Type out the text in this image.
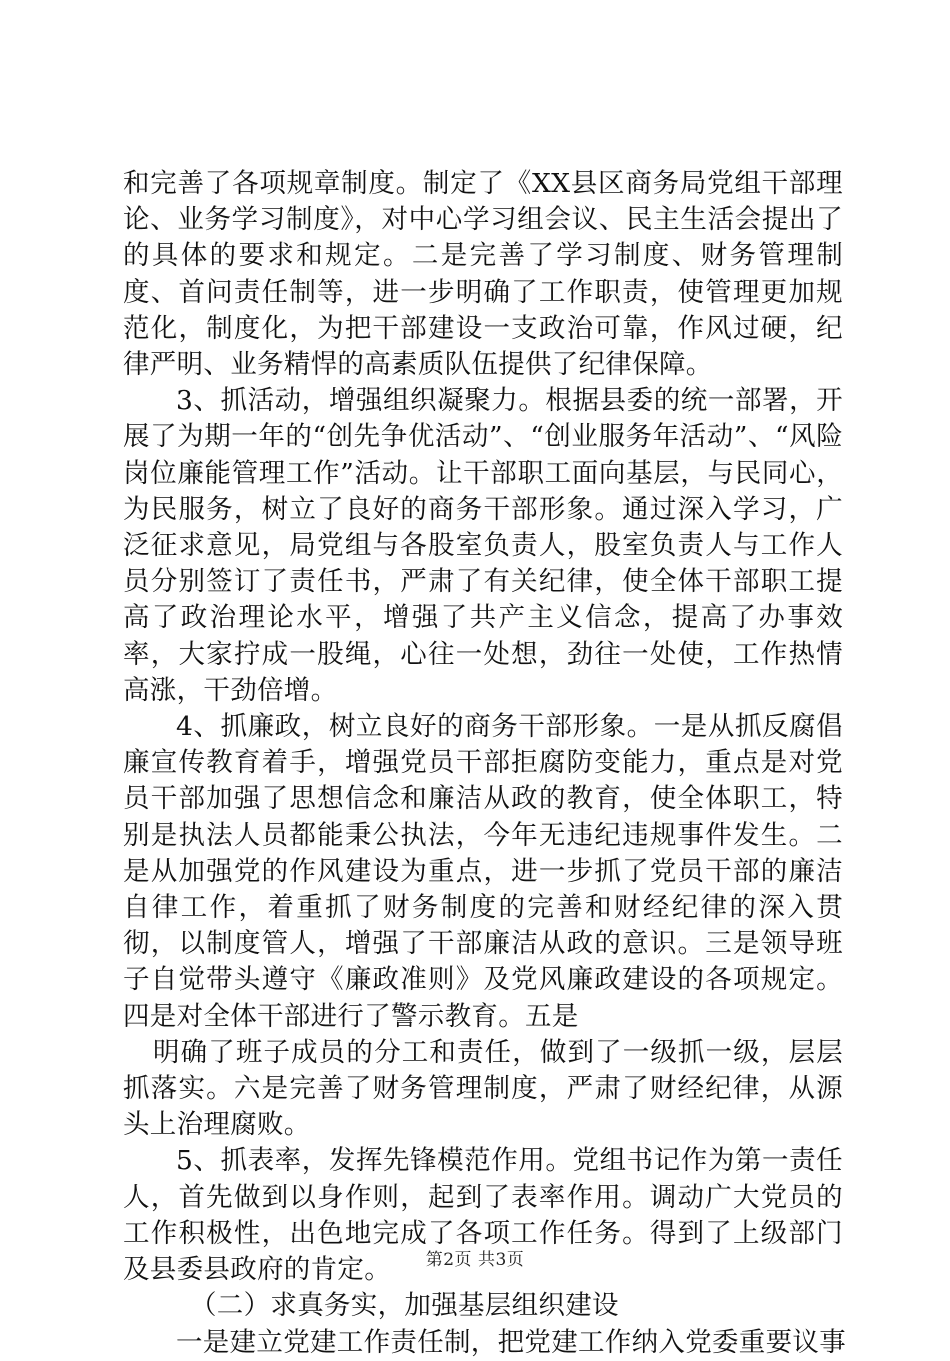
和完善了各项规章制度。制定了《XX县区商务局党组干部理论、业务学习制度》，对中心学习组会议、民主生活会提出了的具体的要求和规定。二是完善了学习制度、财务管理制度、首问责任制等，进一步明确了工作职责，使管理更加规范化，制度化，为把干部建设一支政治可靠，作风过硬，纪律严明、业务精悍的高素质队伍提供了纪律保障。

3、抓活动，增强组织凝聚力。根据县委的统一部署，开展了为期一年的“创先争优活动”、“创业服务年活动”、“风险岗位廉能管理工作”活动。让干部职工面向基层，与民同心，为民服务，树立了良好的商务干部形象。通过深入学习，广泛征求意见，局党组与各股室负责人，股室负责人与工作人员分别签订了责任书，严肃了有关纪律，使全体干部职工提高了政治理论水平，增强了共产主义信念，提高了办事效率，大家拧成一股绳，心往一处想，劲往一处使，工作热情高涨，干劲倍增。

4、抓廉政，树立良好的商务干部形象。一是从抓反腐倡廉宣传教育着手，增强党员干部拒腐防变能力，重点是对党员干部加强了思想信念和廉洁从政的教育，使全体职工，特别是执法人员都能秉公执法，今年无违纪违规事件发生。二是从加强党的作风建设为重点，进一步抓了党员干部的廉洁自律工作，着重抓了财务制度的完善和财经纪律的深入贯彻，以制度管人，增强了干部廉洁从政的意识。三是领导班子自觉带头遵守《廉政准则》及党风廉政建设的各项规定。四是对全体干部进行了警示教育。五是

明确了班子成员的分工和责任，做到了一级抓一级，层层抓落实。六是完善了财务管理制度，严肃了财经纪律，从源头上治理腐败。

5、抓表率，发挥先锋模范作用。党组书记作为第一责任人，首先做到以身作则，起到了表率作用。调动广大党员的工作积极性，出色地完成了各项工作任务。得到了上级部门及县委县政府的肯定。

（二）求真务实，加强基层组织建设

一是建立党建工作责任制，把党建工作纳入党委重要议事

第2页 共3页
